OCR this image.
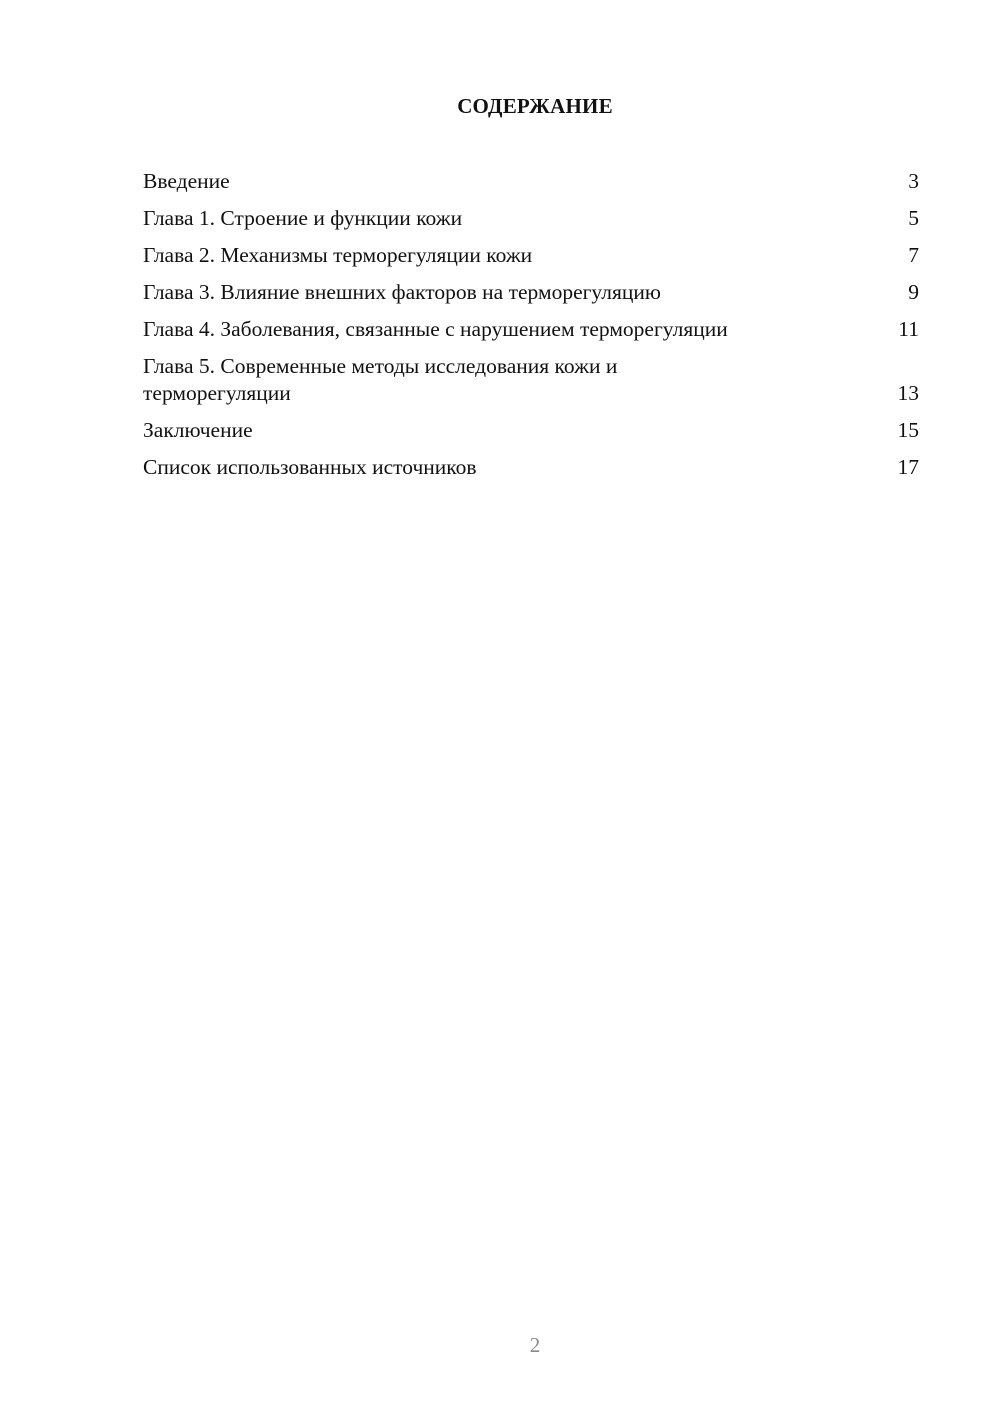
СОДЕРЖАНИЕ
Введение	3
Глава 1. Строение и функции кожи	5
Глава 2. Механизмы терморегуляции кожи	7
Глава 3. Влияние внешних факторов на терморегуляцию	9
Глава 4. Заболевания, связанные с нарушением терморегуляции	11
Глава 5. Современные методы исследования кожи и терморегуляции	13
Заключение	15
Список использованных источников	17
2
